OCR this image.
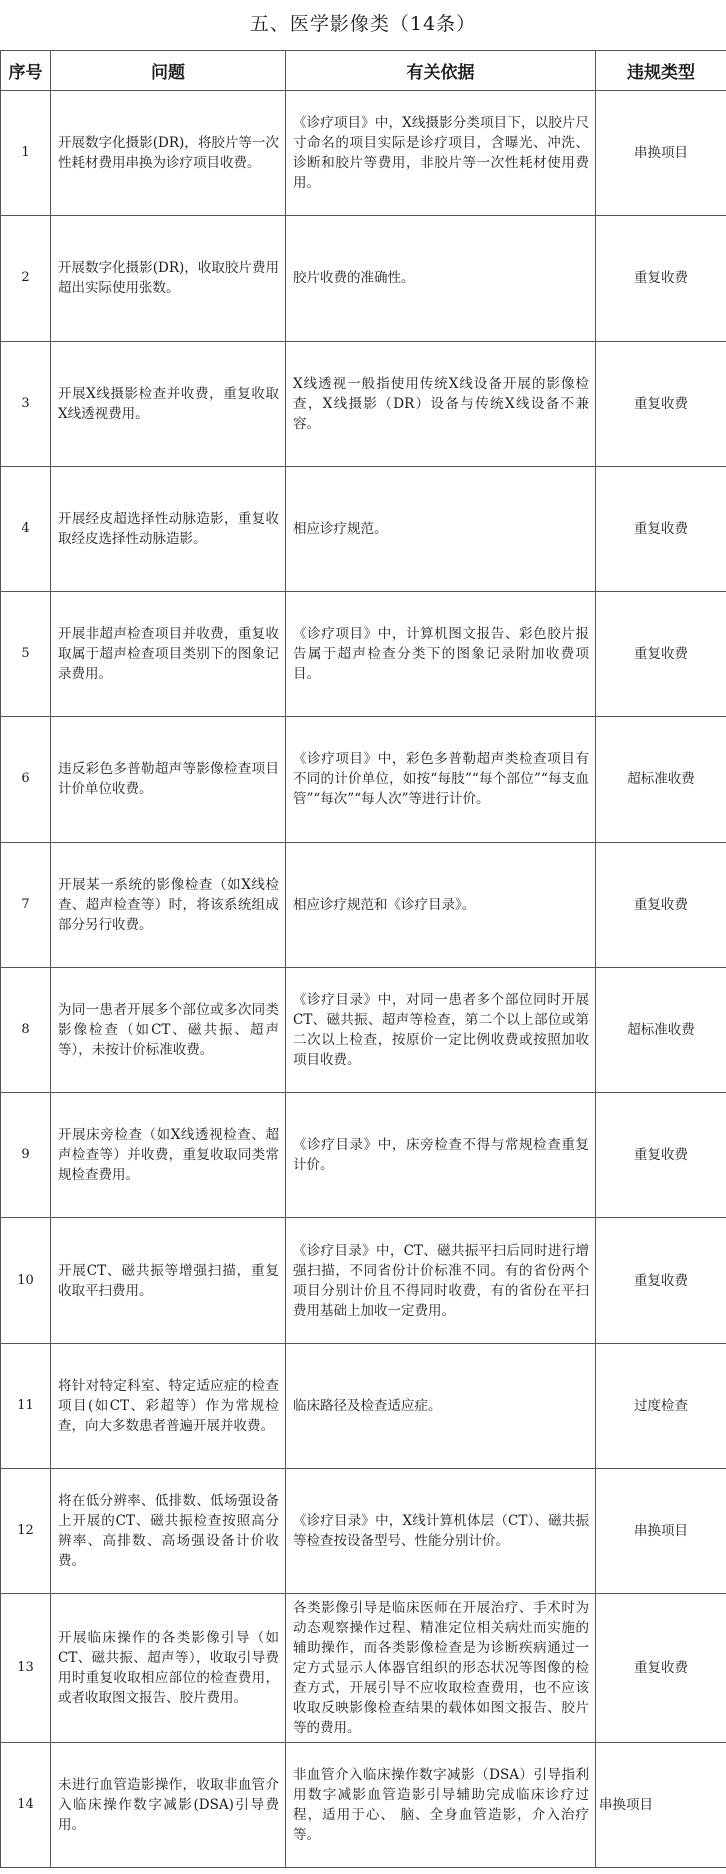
五、医学影像类（14条）
序号	问题	有关依据	违规类型
1	开展数字化摄影(DR)，将胶片等一次性耗材费用串换为诊疗项目收费。	《诊疗项目》中，X线摄影分类项目下，以胶片尺寸命名的项目实际是诊疗项目，含曝光、冲洗、诊断和胶片等费用，非胶片等一次性耗材使用费用。	串换项目
2	开展数字化摄影(DR)，收取胶片费用超出实际使用张数。	胶片收费的准确性。	重复收费
3	开展X线摄影检查并收费，重复收取X线透视费用。	X线透视一般指使用传统X线设备开展的影像检查，X线摄影（DR）设备与传统X线设备不兼容。	重复收费
4	开展经皮超选择性动脉造影，重复收取经皮选择性动脉造影。	相应诊疗规范。	重复收费
5	开展非超声检查项目并收费，重复收取属于超声检查项目类别下的图象记录费用。	《诊疗项目》中，计算机图文报告、彩色胶片报告属于超声检查分类下的图象记录附加收费项目。	重复收费
6	违反彩色多普勒超声等影像检查项目计价单位收费。	《诊疗项目》中，彩色多普勒超声类检查项目有不同的计价单位，如按“每肢”“每个部位”“每支血管”“每次”“每人次”等进行计价。	超标准收费
7	开展某一系统的影像检查（如X线检查、超声检查等）时，将该系统组成部分另行收费。	相应诊疗规范和《诊疗目录》。	重复收费
8	为同一患者开展多个部位或多次同类影像检查（如CT、磁共振、超声等），未按计价标准收费。	《诊疗目录》中，对同一患者多个部位同时开展CT、磁共振、超声等检查，第二个以上部位或第二次以上检查，按原价一定比例收费或按照加收项目收费。	超标准收费
9	开展床旁检查（如X线透视检查、超声检查等）并收费，重复收取同类常规检查费用。	《诊疗目录》中，床旁检查不得与常规检查重复计价。	重复收费
10	开展CT、磁共振等增强扫描，重复收取平扫费用。	《诊疗目录》中，CT、磁共振平扫后同时进行增强扫描，不同省份计价标准不同。有的省份两个项目分别计价且不得同时收费，有的省份在平扫费用基础上加收一定费用。	重复收费
11	将针对特定科室、特定适应症的检查项目(如CT、彩超等）作为常规检查，向大多数患者普遍开展并收费。	临床路径及检查适应症。	过度检查
12	将在低分辨率、低排数、低场强设备上开展的CT、磁共振检查按照高分辨率、高排数、高场强设备计价收费。	《诊疗目录》中，X线计算机体层（CT）、磁共振等检查按设备型号、性能分别计价。	串换项目
13	开展临床操作的各类影像引导（如CT、磁共振、超声等），收取引导费用时重复收取相应部位的检查费用，或者收取图文报告、胶片费用。	各类影像引导是临床医师在开展治疗、手术时为动态观察操作过程、精准定位相关病灶而实施的辅助操作，而各类影像检查是为诊断疾病通过一定方式显示人体器官组织的形态状况等图像的检查方式，开展引导不应收取检查费用，也不应该收取反映影像检查结果的载体如图文报告、胶片等的费用。	重复收费
14	未进行血管造影操作，收取非血管介入临床操作数字减影(DSA)引导费用。	非血管介入临床操作数字减影（DSA）引导指利用数字减影血管造影引导辅助完成临床诊疗过程，适用于心、 脑、全身血管造影，介入治疗等。	串换项目
